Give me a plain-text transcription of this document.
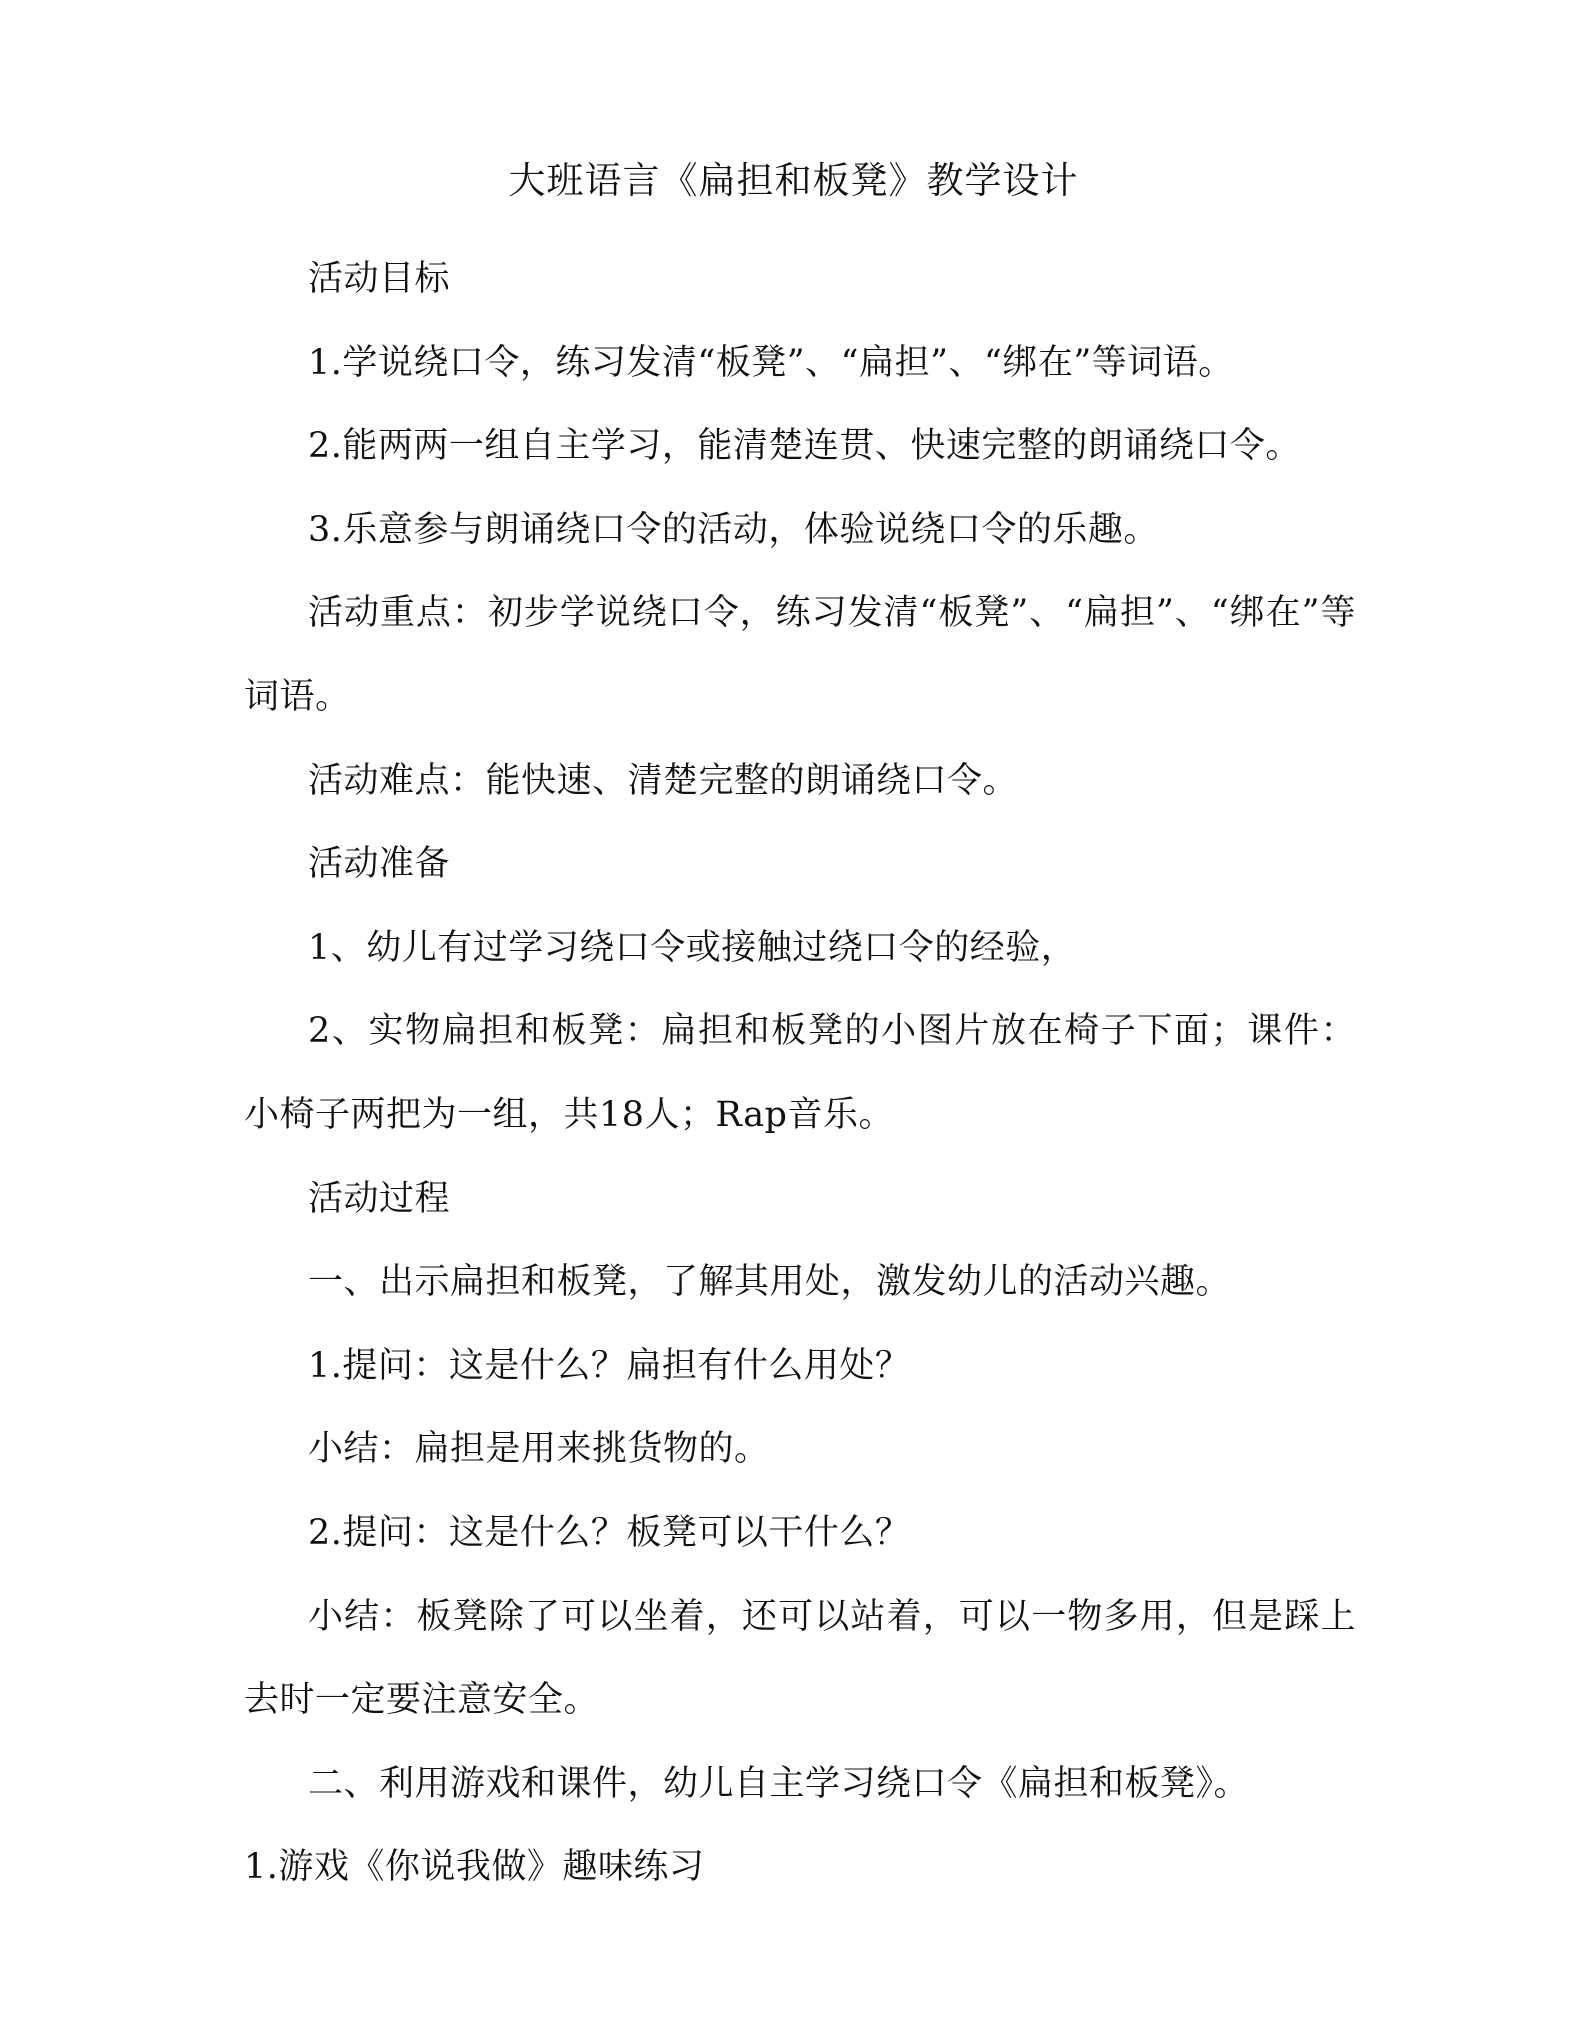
大班语言《扁担和板凳》教学设计

活动目标

1.学说绕口令，练习发清“板凳”、“扁担”、“绑在”等词语。

2.能两两一组自主学习，能清楚连贯、快速完整的朗诵绕口令。

3.乐意参与朗诵绕口令的活动，体验说绕口令的乐趣。

活动重点：初步学说绕口令，练习发清“板凳”、“扁担”、“绑在”等词语。

活动难点：能快速、清楚完整的朗诵绕口令。

活动准备

1、幼儿有过学习绕口令或接触过绕口令的经验，

2、实物扁担和板凳：扁担和板凳的小图片放在椅子下面；课件：小椅子两把为一组，共18人；Rap音乐。

活动过程

一、出示扁担和板凳，了解其用处，激发幼儿的活动兴趣。

1.提问：这是什么？扁担有什么用处？

小结：扁担是用来挑货物的。

2.提问：这是什么？板凳可以干什么？

小结：板凳除了可以坐着，还可以站着，可以一物多用，但是踩上去时一定要注意安全。

二、利用游戏和课件，幼儿自主学习绕口令《扁担和板凳》。

1.游戏《你说我做》趣味练习
